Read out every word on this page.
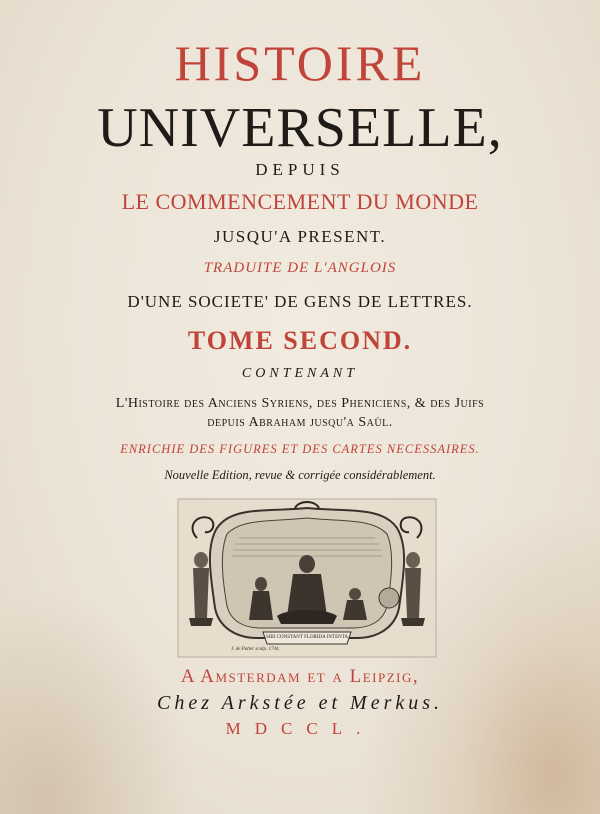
HISTOIRE
UNIVERSELLE,
DEPUIS
LE COMMENCEMENT DU MONDE
JUSQU'A PRESENT.
TRADUITE DE L'ANGLOIS
D'UNE SOCIETE' DE GENS DE LETTRES.
TOME SECOND.
CONTENANT
L'Histoire des Anciens Syriens, des Pheniciens, & des Juifs
depuis Abraham jusqu'a Saül.
ENRICHIE DES FIGURES ET DES CARTES NECESSAIRES.
Nouvelle Edition, revue & corrigée considérablement.
SIBI CONSTANT FLORIDA INTENTA
J. de Putter sculp. 1744.
A Amsterdam et a Leipzig,
Chez Arkstée et Merkus.
MDCCL.
